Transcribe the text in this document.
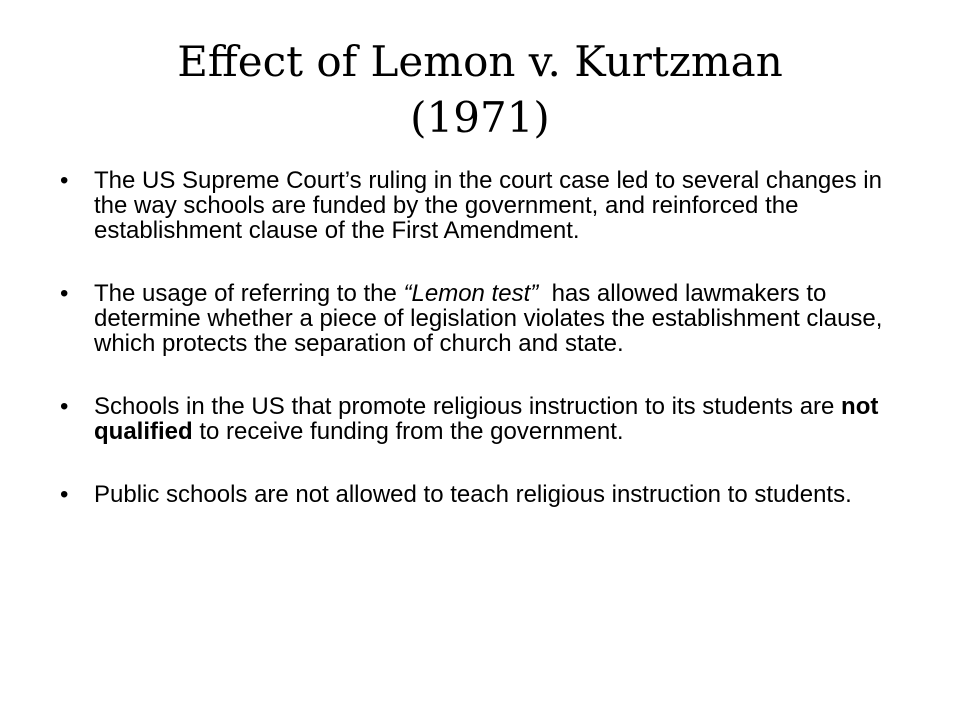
Effect of Lemon v. Kurtzman
(1971)
• The US Supreme Court’s ruling in the court case led to several changes in the way schools are funded by the government, and reinforced the establishment clause of the First Amendment.
• The usage of referring to the “Lemon test”  has allowed lawmakers to determine whether a piece of legislation violates the establishment clause, which protects the separation of church and state.
• Schools in the US that promote religious instruction to its students are not qualified to receive funding from the government.
• Public schools are not allowed to teach religious instruction to students.
